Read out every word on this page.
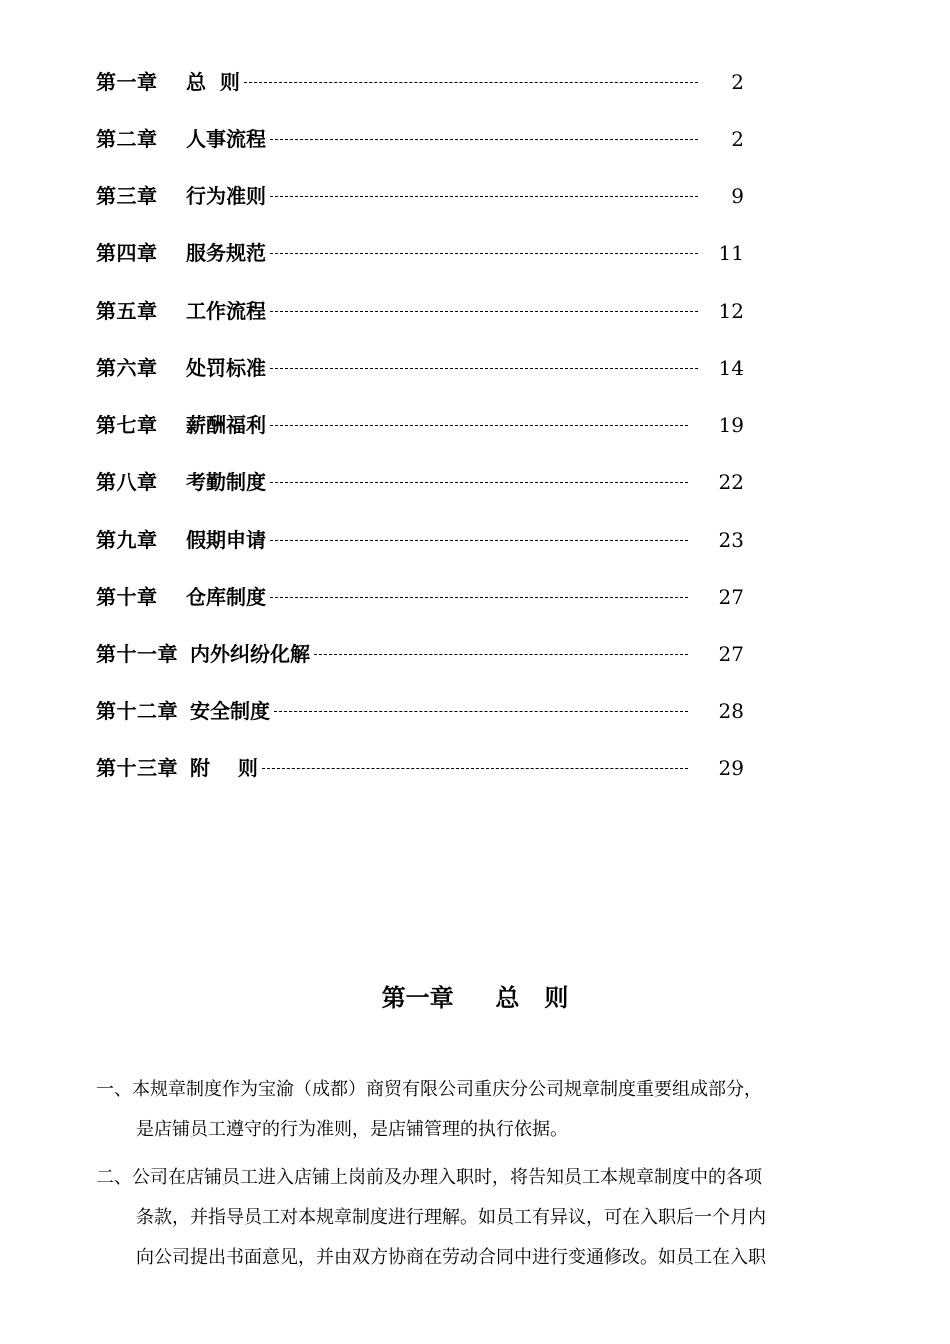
第一章 总  则	2
第二章 人事流程	2
第三章 行为准则	9
第四章 服务规范	11
第五章 工作流程	12
第六章 处罚标准	14
第七章 薪酬福利	19
第八章 考勤制度	22
第九章 假期申请	23
第十章 仓库制度	27
第十一章 内外纠纷化解	27
第十二章 安全制度	28
第十三章 附    则	29
第一章     总   则
一、本规章制度作为宝渝（成都）商贸有限公司重庆分公司规章制度重要组成部分，
是店铺员工遵守的行为准则，是店铺管理的执行依据。
二、公司在店铺员工进入店铺上岗前及办理入职时，将告知员工本规章制度中的各项
条款，并指导员工对本规章制度进行理解。如员工有异议，可在入职后一个月内
向公司提出书面意见，并由双方协商在劳动合同中进行变通修改。如员工在入职
